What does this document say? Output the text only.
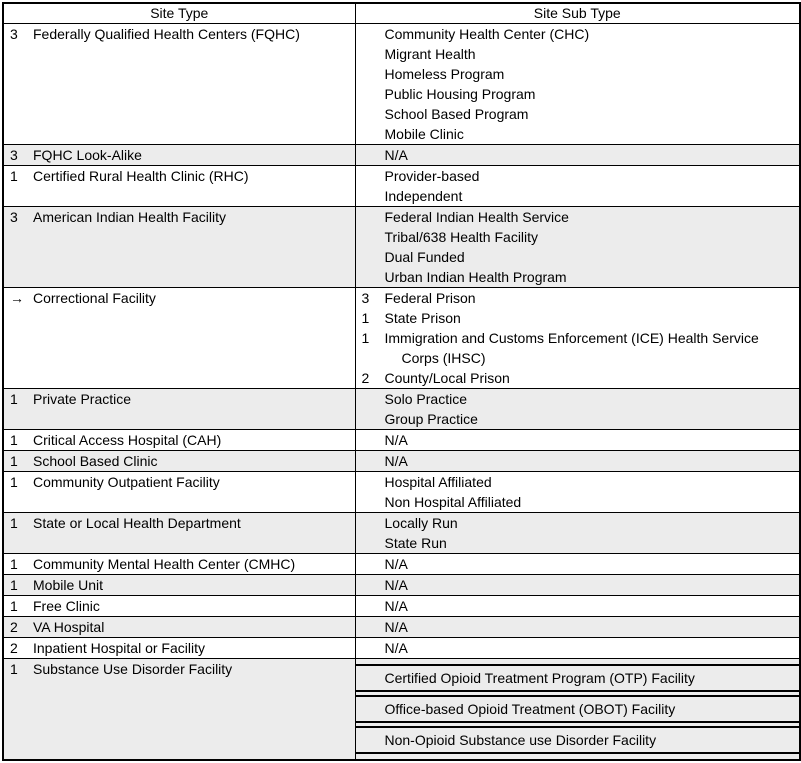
Site Type	Site Sub Type

3	Federally Qualified Health Centers (FQHC)	Community Health Center (CHC)
Migrant Health
Homeless Program
Public Housing Program
School Based Program
Mobile Clinic

3 FQHC Look-Alike	N/A

1	Certified Rural Health Clinic (RHC)	Provider-based
Independent

3	American Indian Health Facility	Federal Indian Health Service
Tribal/638 Health Facility
Dual Funded
Urban Indian Health Program

→ Correctional Facility	3	Federal Prison
1	State Prison
1	Immigration and Customs Enforcement (ICE) Health Service Corps (IHSC)
2	County/Local Prison

1	Private Practice	Solo Practice
Group Practice

1 Critical Access Hospital (CAH)	N/A

1 School Based Clinic	N/A

1	Community Outpatient Facility	Hospital Affiliated
Non Hospital Affiliated

1	State or Local Health Department	Locally Run
State Run

1 Community Mental Health Center (CMHC)	N/A

1 Mobile Unit	N/A

1 Free Clinic	N/A

2 VA Hospital	N/A

2 Inpatient Hospital or Facility	N/A

1	Substance Use Disorder Facility

Certified Opioid Treatment Program (OTP) Facility
Office-based Opioid Treatment (OBOT) Facility
Non-Opioid Substance use Disorder Facility
